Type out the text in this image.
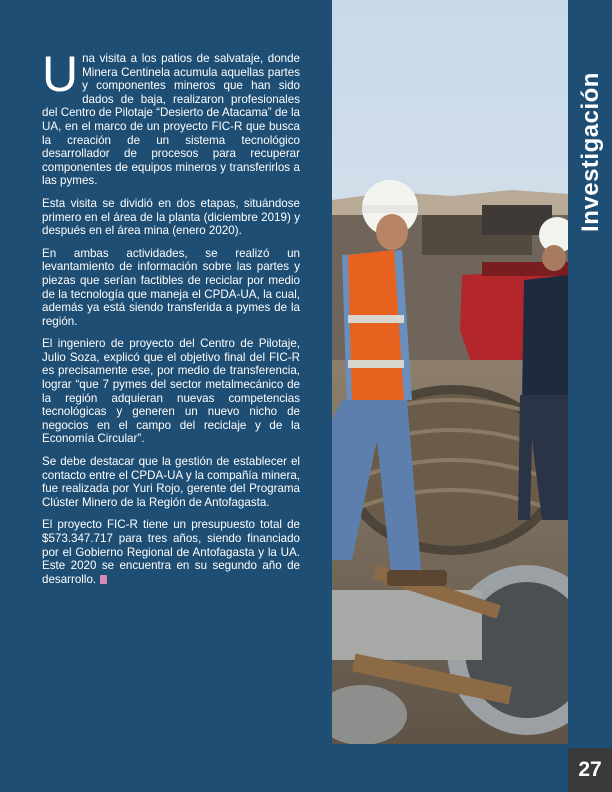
Una visita a los patios de salvataje, donde Minera Centinela acumula aquellas partes y componentes mineros que han sido dados de baja, realizaron profesionales del Centro de Pilotaje “Desierto de Atacama” de la UA, en el marco de un proyecto FIC-R que busca la creación de un sistema tecnológico desarrollador de procesos para recuperar componentes de equipos mineros y transferirlos a las pymes.

Esta visita se dividió en dos etapas, situándose primero en el área de la planta (diciembre 2019) y después en el área mina (enero 2020).

En ambas actividades, se realizó un levantamiento de información sobre las partes y piezas que serían factibles de reciclar por medio de la tecnología que maneja el CPDA-UA, la cual, además ya está siendo transferida a pymes de la región.

El ingeniero de proyecto del Centro de Pilotaje, Julio Soza, explicó que el objetivo final del FIC-R es precisamente ese, por medio de transferencia, lograr “que 7 pymes del sector metalmecánico de la región adquieran nuevas competencias tecnológicas y generen un nuevo nicho de negocios en el campo del reciclaje y de la Economía Circular”.

Se debe destacar que la gestión de establecer el contacto entre el CPDA-UA y la compañía minera, fue realizada por Yuri Rojo, gerente del Programa Clúster Minero de la Región de Antofagasta.

El proyecto FIC-R tiene un presupuesto total de $573.347.717 para tres años, siendo financiado por el Gobierno Regional de Antofagasta y la UA. Este 2020 se encuentra en su segundo año de desarrollo.

Investigación
27
